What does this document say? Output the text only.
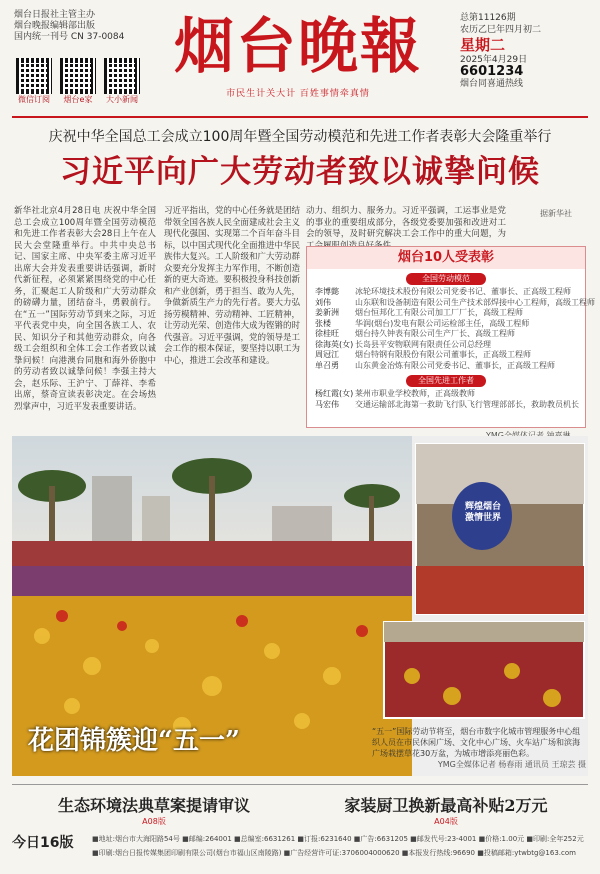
烟台日报社主管主办
烟台晚报编辑部出版
国内统一刊号 CN 37-0084
微信订阅	烟台e家	大小新闻
烟台晚報
市民生计关大计 百姓事情牵真情
总第11126期
农历乙巳年四月初二
星期二
2025年4月29日
6601234
烟台同喜通热线
庆祝中华全国总工会成立100周年暨全国劳动模范和先进工作者表彰大会隆重举行
习近平向广大劳动者致以诚挚问候
新华社北京4月28日电 庆祝中华全国总工会成立100周年暨全国劳动模范和先进工作者表彰大会28日上午在人民大会堂隆重举行。中共中央总书记、国家主席、中央军委主席习近平出席大会并发表重要讲话强调，新时代新征程，必须紧紧围绕党的中心任务，汇聚起工人阶级和广大劳动群众的磅礴力量，团结奋斗，勇毅前行。在“五一”国际劳动节到来之际，习近平代表党中央，向全国各族工人、农民、知识分子和其他劳动群众，向各级工会组织和全体工会工作者致以诚挚问候！向港澳台同胞和海外侨胞中的劳动者致以诚挚问候！李强主持大会，赵乐际、王沪宁、丁薛祥、李希出席，蔡奇宣读表彰决定。在会场热烈掌声中，习近平发表重要讲话。
习近平指出，党的中心任务就是团结带领全国各族人民全面建成社会主义现代化强国、实现第二个百年奋斗目标，以中国式现代化全面推进中华民族伟大复兴。工人阶级和广大劳动群众要充分发挥主力军作用，不断创造新的更大奇迹。要积极投身科技创新和产业创新，勇于担当、敢为人先，争做新质生产力的先行者。要大力弘扬劳模精神、劳动精神、工匠精神，让劳动光荣、创造伟大成为铿锵的时代强音。习近平强调，党的领导是工会工作的根本保证，要坚持以职工为中心，推进工会改革和建设。
动力、组织力、服务力。习近平强调，工运事业是党的事业的重要组成部分，各级党委要加强和改进对工会的领导，及时研究解决工会工作中的重大问题，为
据新华社
烟台10人受表彰
全国劳动模范
李博懿	冰轮环境技术股份有限公司党委书记、董事长、正高级工程师
刘伟	山东联和设备制造有限公司生产技术部焊接中心工程师，高级工程师
姜新洲	烟台恒邦化工有限公司加工厂厂长，高级工程师
张楼	华润(烟台)发电有限公司运检部主任，高级工程师
徐桂旺	烟台持久钟表有限公司生产厂长、高级工程师
徐海英(女) 长岛县平安物联网有限责任公司总经理
周冠江	烟台特钢有限股份有限公司董事长，正高级工程师
单召勇	山东黄金冶炼有限公司党委书记、董事长，正高级工程师
全国先进工作者
杨红霞(女) 莱州市职业学校教师，正高级教师
马宏伟	交通运输部北海第一救助飞行队飞行管理部部长，救助教员机长
辉煌烟台 激情世界
花团锦簇迎“五一”	“五一”国际劳动节将至，烟台市数字化城市管理服务中心组织人员在市民休闲广场、文化中心广场、火车站广场和滨海广场栽摆草花30万盆，为城市增添亮丽色彩。
YMG全媒体记者 杨春雨 通讯员 王琼芸 摄
生态环境法典草案提请审议
A08版
家装厨卫换新最高补贴2万元
A04版
今日16版	■地址:烟台市大海阳路54号 ■邮编:264001 ■总编室:6631261 ■订报:6231640 ■广告:6631205 ■邮发代号:23-4001 ■价格:1.00元 ■印刷:全年252元
■印刷:烟台日报传媒集团印刷有限公司(烟台市福山区南陵路) ■广告经营许可证:3706004000620 ■本报发行热线:96690 ■投稿邮箱:ytwbtg@163.com
